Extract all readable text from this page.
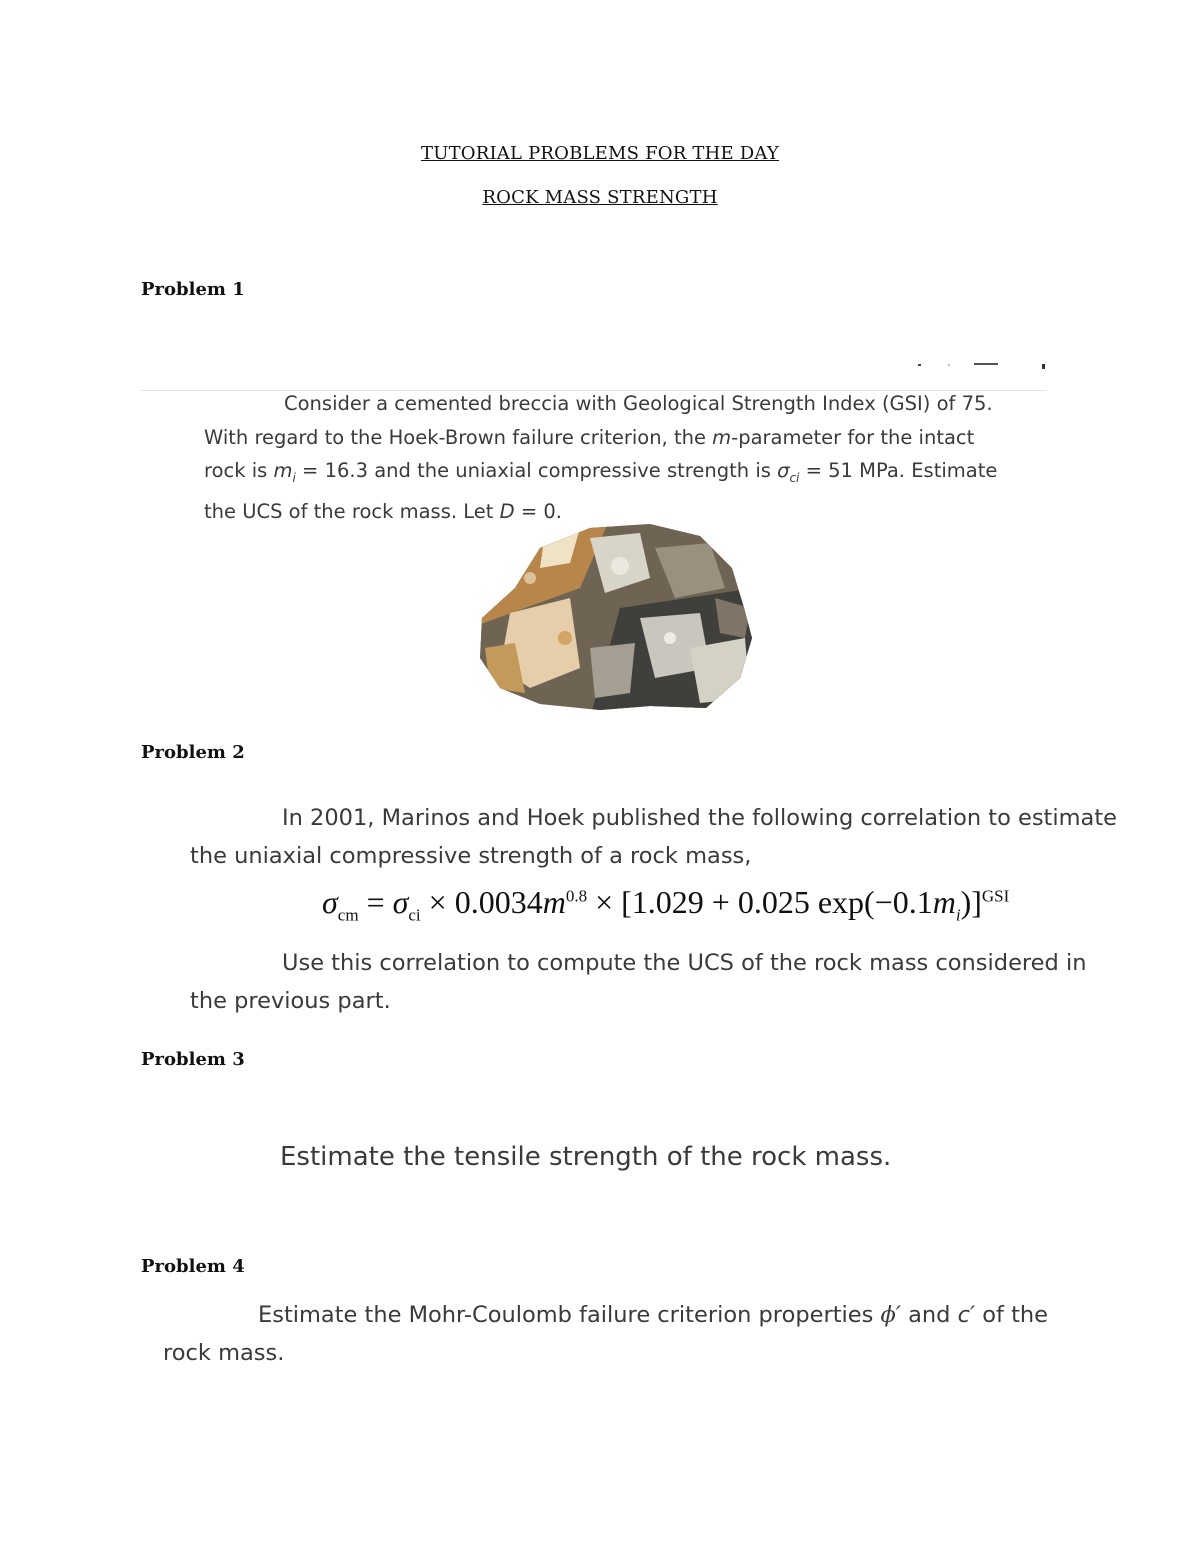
TUTORIAL PROBLEMS FOR THE DAY
ROCK MASS STRENGTH
Problem 1
Consider a cemented breccia with Geological Strength Index (GSI) of 75.
With regard to the Hoek-Brown failure criterion, the m-parameter for the intact
rock is $m_i = 16.3$ and the uniaxial compressive strength is $\sigma_{ci} = 51$ MPa. Estimate
the UCS of the rock mass. Let D = 0.
Problem 2
In 2001, Marinos and Hoek published the following correlation to estimate
the uniaxial compressive strength of a rock mass,
$\sigma_{cm} = \sigma_{ci} \times 0.0034m^{0.8} \times [1.029 + 0.025$ $\exp(-0.1m_i)]^{GSI}$
Use this correlation to compute the UCS of the rock mass considered in
the previous part.
Problem 3
Estimate the tensile strength of the rock mass.
Problem 4
Estimate the Mohr-Coulomb failure criterion properties ϕ′ and c′ of the
rock mass.
